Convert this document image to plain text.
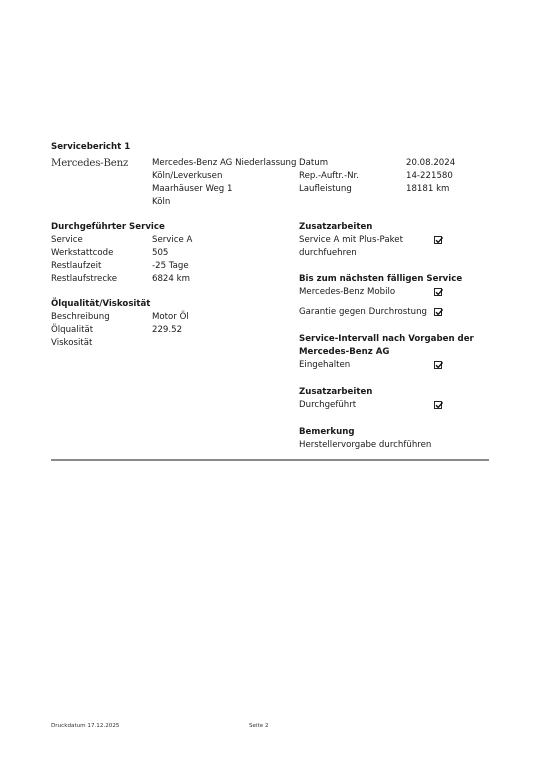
Servicebericht 1
Mercedes-Benz	Mercedes-Benz AG Niederlassung
Köln/Leverkusen
Maarhäuser Weg 1
Köln
Datum	20.08.2024
Rep.-Auftr.-Nr.	14-221580
Laufleistung	18181 km
Durchgeführter Service
Service	Service A
Werkstattcode	505
Restlaufzeit	-25 Tage
Restlaufstrecke	6824 km
Ölqualität/Viskosität
Beschreibung	Motor Öl
Ölqualität	229.52
Viskosität
Zusatzarbeiten
Service A mit Plus-Paket
durchfuehren
Bis zum nächsten fälligen Service
Mercedes-Benz Mobilo
Garantie gegen Durchrostung
Service-Intervall nach Vorgaben der
Mercedes-Benz AG
Eingehalten
Zusatzarbeiten
Durchgeführt
Bemerkung
Herstellervorgabe durchführen
Druckdatum 17.12.2025	Seite 2
